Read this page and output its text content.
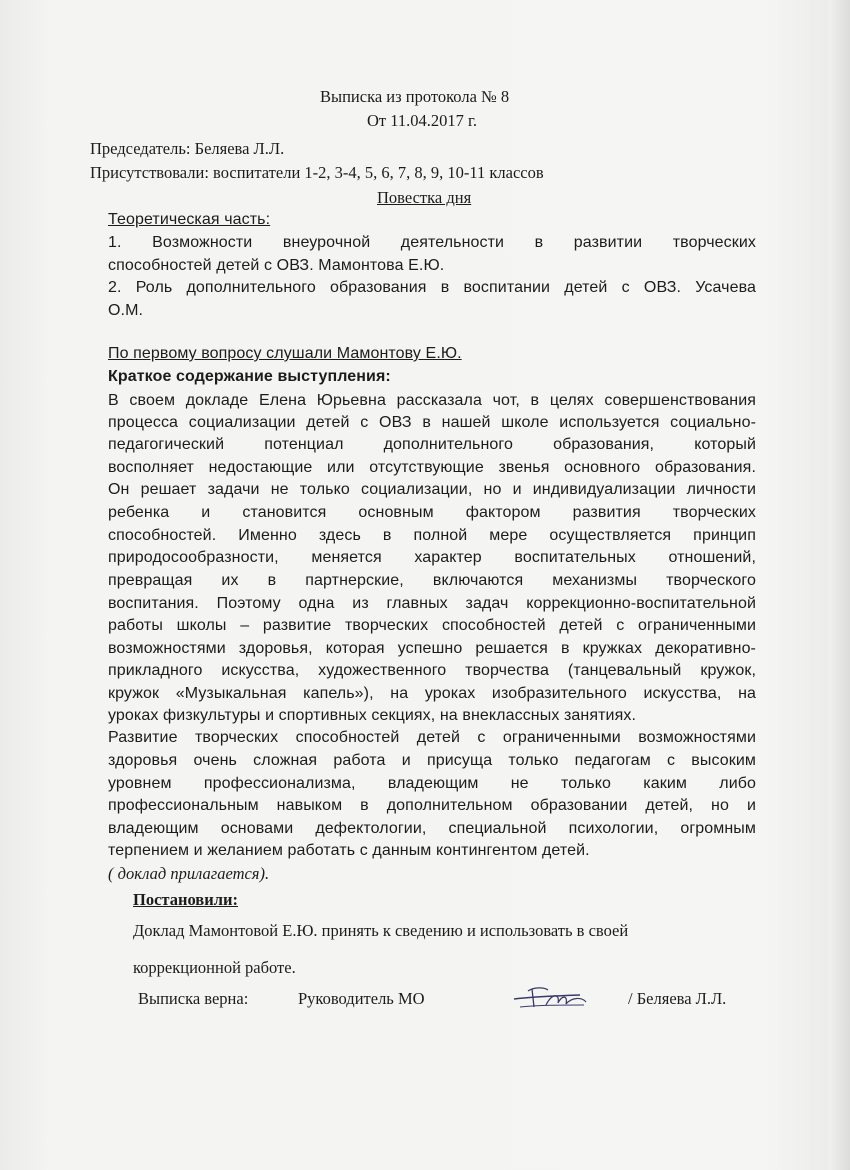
Выписка из протокола № 8
От 11.04.2017 г.
Председатель: Беляева Л.Л.
Присутствовали: воспитатели 1-2, 3-4, 5, 6, 7, 8, 9, 10-11 классов
Повестка дня
Теоретическая часть:
1. Возможности внеурочной деятельности в развитии творческих
способностей детей с ОВЗ. Мамонтова Е.Ю.
2. Роль дополнительного образования в воспитании детей с ОВЗ. Усачева
О.М.
По первому вопросу слушали Мамонтову Е.Ю.
Краткое содержание выступления:
В своем докладе Елена Юрьевна рассказала чот, в целях совершенствования
процесса социализации детей с ОВЗ в нашей школе используется социально-
педагогический потенциал дополнительного образования, который
восполняет недостающие или отсутствующие звенья основного образования.
Он решает задачи не только социализации, но и индивидуализации личности
ребенка и становится основным фактором развития творческих
способностей. Именно здесь в полной мере осуществляется принцип
природосообразности, меняется характер воспитательных отношений,
превращая их в партнерские, включаются механизмы творческого
воспитания. Поэтому одна из главных задач коррекционно-воспитательной
работы школы – развитие творческих способностей детей с ограниченными
возможностями здоровья, которая успешно решается в кружках декоративно-
прикладного искусства, художественного творчества (танцевальный кружок,
кружок «Музыкальная капель»), на уроках изобразительного искусства, на
уроках физкультуры и спортивных секциях, на внеклассных занятиях.
Развитие творческих способностей детей с ограниченными возможностями
здоровья очень сложная работа и присуща только педагогам с высоким
уровнем профессионализма, владеющим не только каким либо
профессиональным навыком в дополнительном образовании детей, но и
владеющим основами дефектологии, специальной психологии, огромным
терпением и желанием работать с данным контингентом детей.
( доклад прилагается).
Постановили:
Доклад Мамонтовой Е.Ю. принять к сведению и использовать в своей
коррекционной работе.
Выписка верна:	Руководитель МО	/ Беляева Л.Л.
